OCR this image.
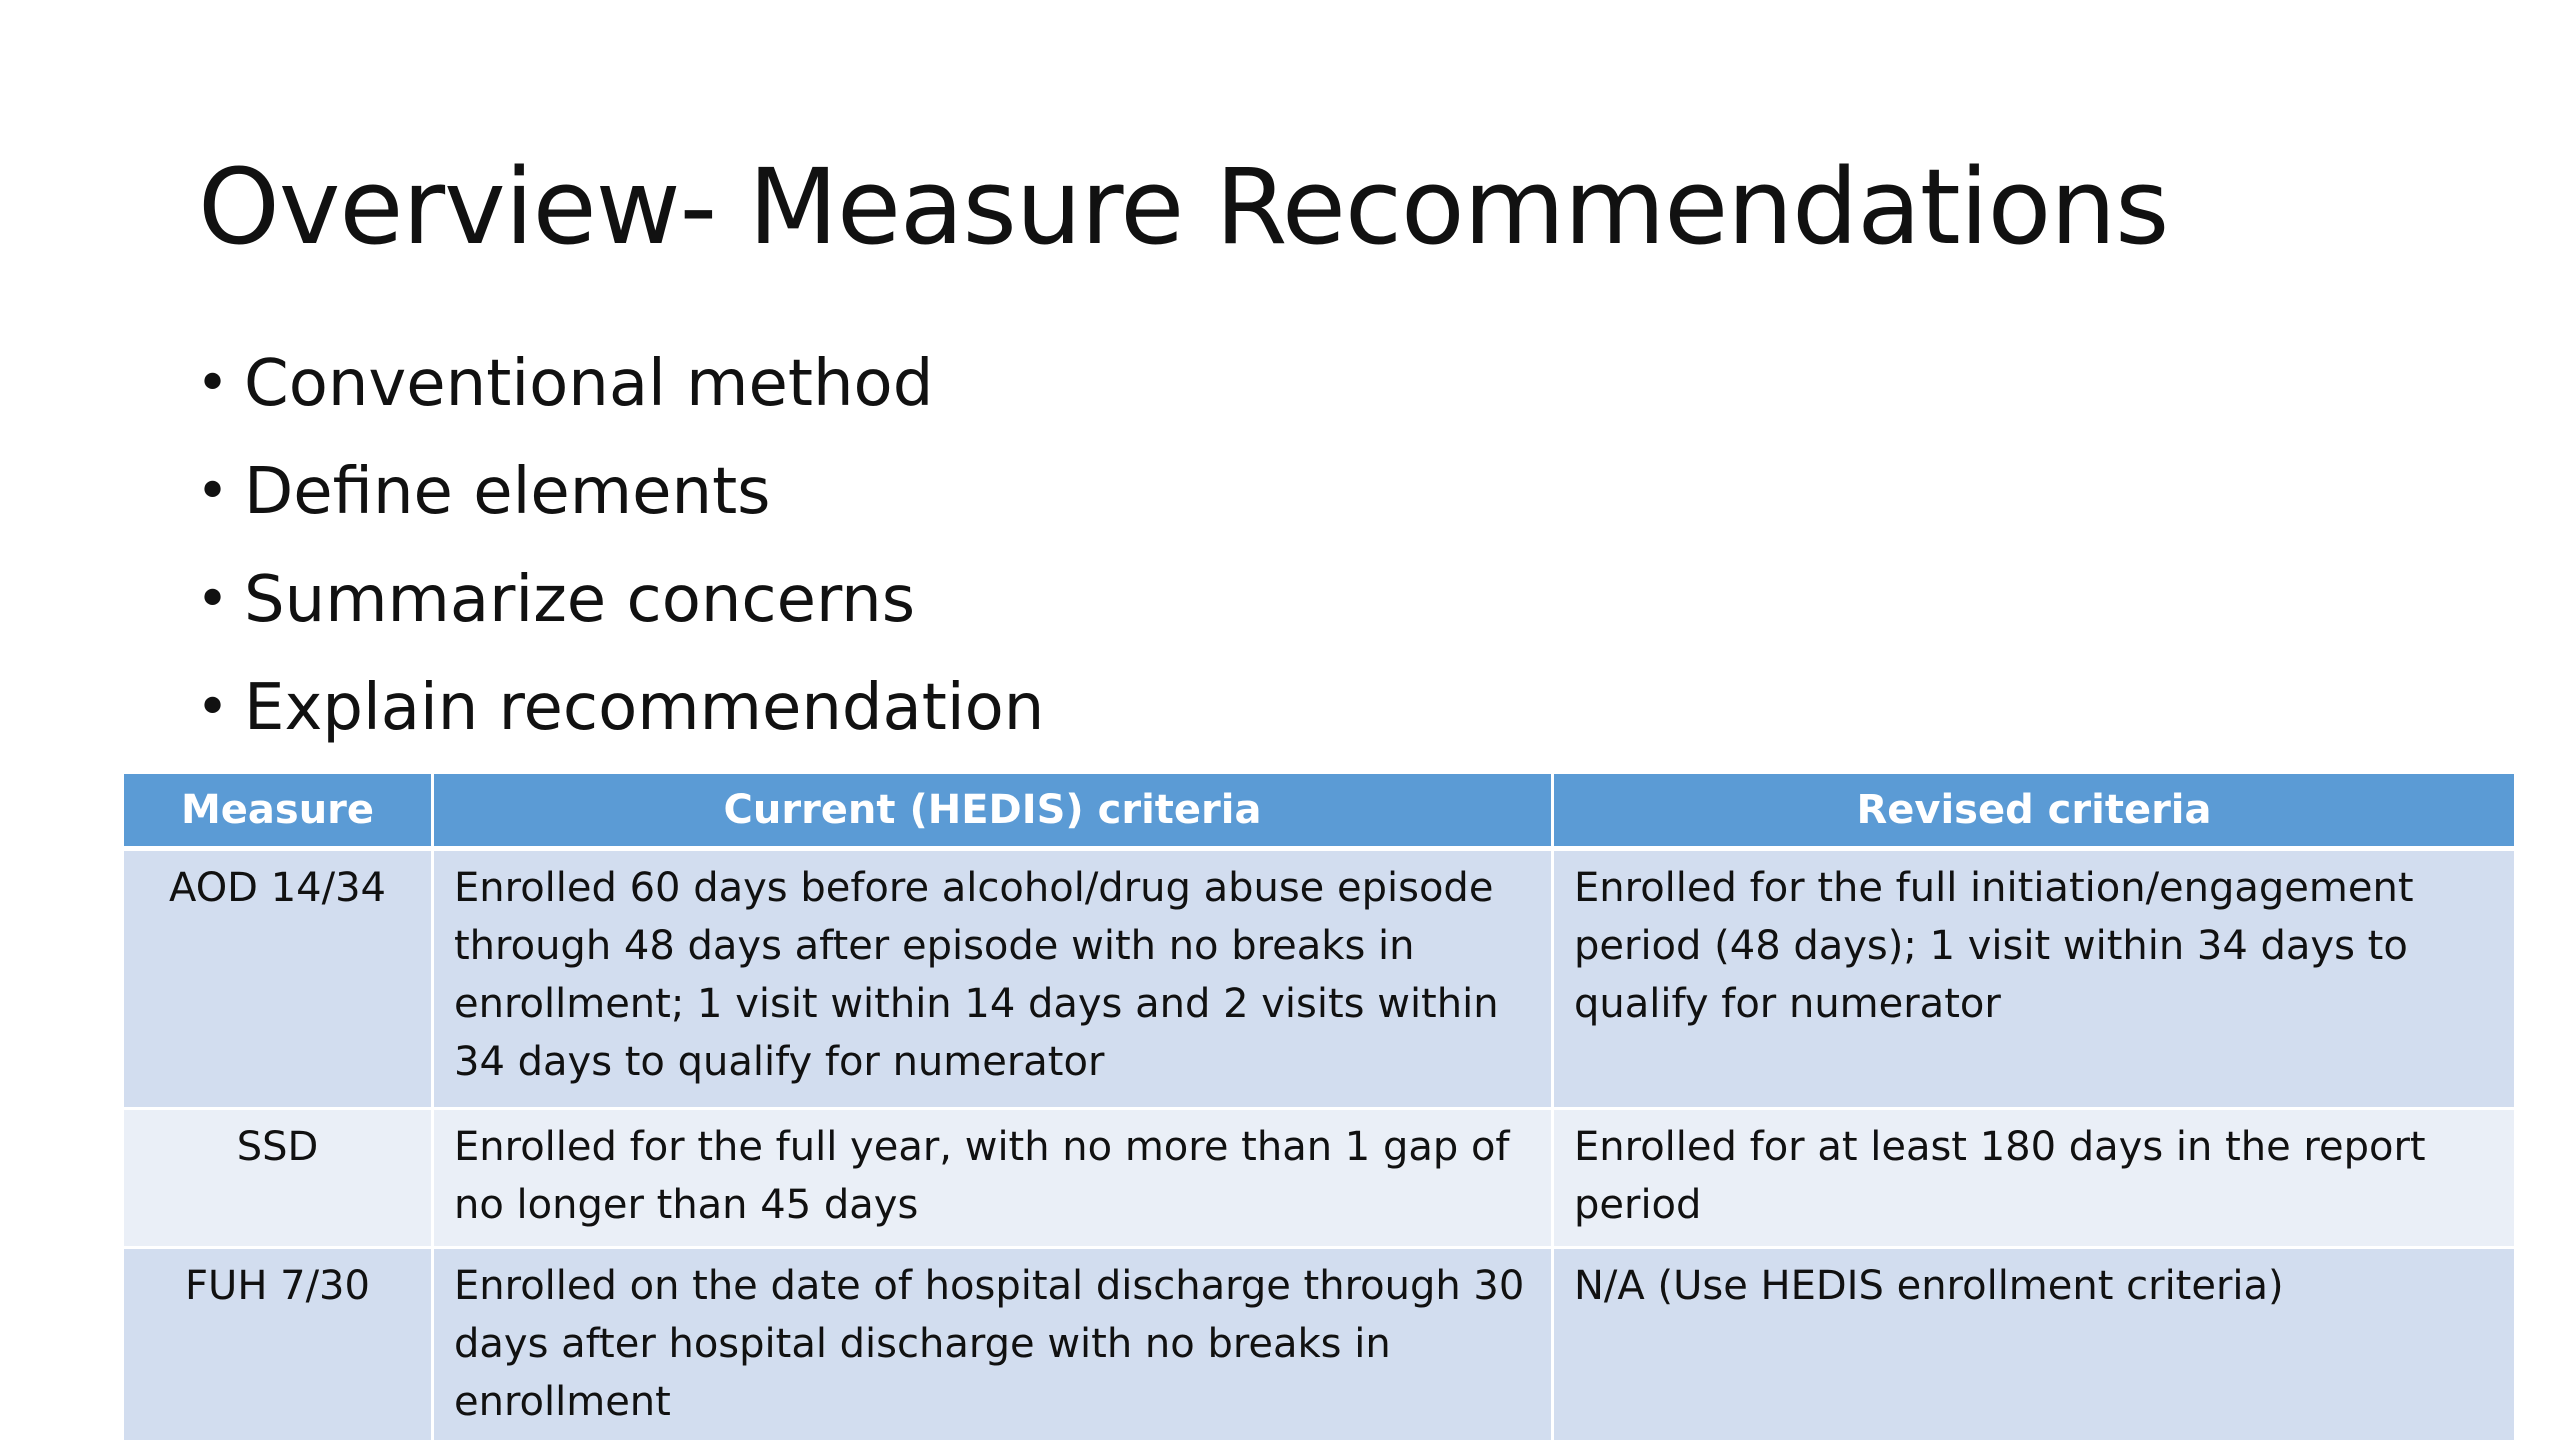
Overview- Measure Recommendations
• Conventional method
• Define elements
• Summarize concerns
• Explain recommendation
Measure	Current (HEDIS) criteria	Revised criteria
AOD 14/34	Enrolled 60 days before alcohol/drug abuse episode through 48 days after episode with no breaks in enrollment; 1 visit within 14 days and 2 visits within 34 days to qualify for numerator	Enrolled for the full initiation/engagement period (48 days); 1 visit within 34 days to qualify for numerator
SSD	Enrolled for the full year, with no more than 1 gap of no longer than 45 days	Enrolled for at least 180 days in the report period
FUH 7/30	Enrolled on the date of hospital discharge through 30 days after hospital discharge with no breaks in enrollment	N/A (Use HEDIS enrollment criteria)
